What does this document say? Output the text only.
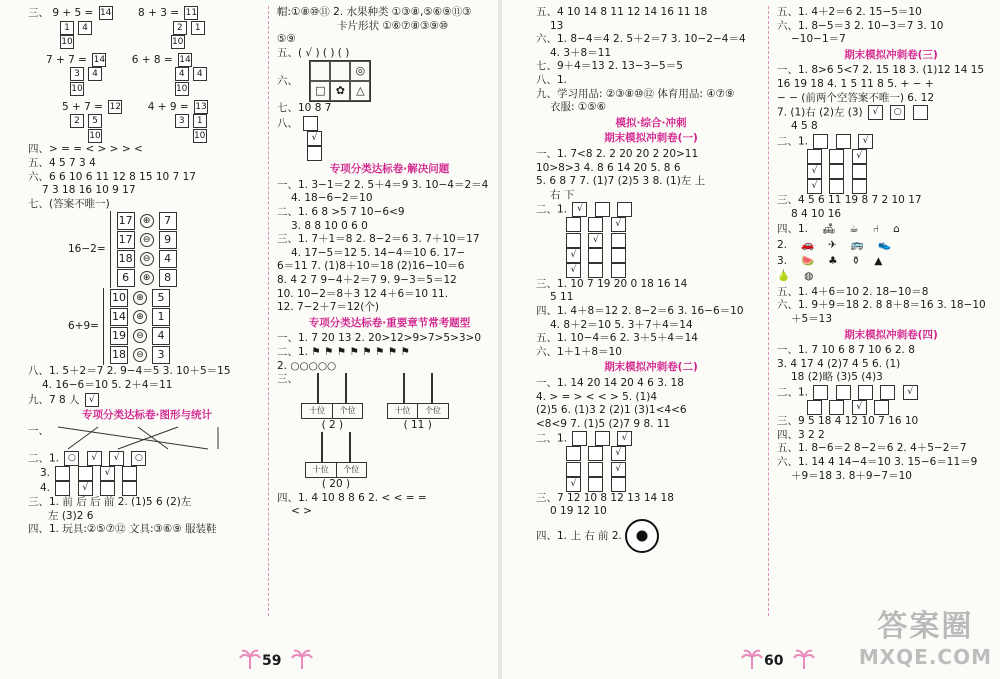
三、 9 + 5 = 14	8 + 3 = 11
1 4	2 1
10	10
7 + 7 = 14	6 + 8 = 14
3 4	4 4
10	10
5 + 7 = 12	4 + 9 = 13
2 5	3 1
10	10
四、> = = < > > > <
五、4 5 7 3 4
六、6 6 10 6 11 12 8 15 10 7 17
7 3 18 16 10 9 17
七、(答案不唯一)
16−2=
17	⊕	7
17	⊖	9
18	⊖	4
6	⊕	8
6+9=
10	⊕	5
14	⊕	1
19	⊖	4
18	⊖	3
八、1. 5＋2＝7 2. 9−4＝5 3. 10＋5＝15
4. 16−6＝10 5. 2＋4＝11
九、7 8 人 √
专项分类达标卷·图形与统计
一、
二、1. ○ √ √ ○
3.	√
4.	√
三、1. 前 后 后 前 2. (1)5 6 (2)左
左 (3)2 6
四、1. 玩具:②⑤⑦⑫ 文具:③⑥⑨ 服装鞋
帽:①⑧⑩⑪ 2. 水果种类 ①③⑧,⑤⑥⑨⑪③
卡片形状 ①⑥⑦⑧③⑨⑩
⑤⑨
五、( √ ) ( ) ( )
六、
◎
□ ✿	△
七、10 8 7
八、
√
专项分类达标卷·解决问题
一、1. 3−1＝2 2. 5＋4＝9 3. 10−4＝2＝4
4. 18−6−2＝10
二、1. 6 8 >5 7 10−6<9
3. 8 8 10 0 6 0
三、1. 7＋1＝8 2. 8−2＝6 3. 7＋10＝17
4. 17−5＝12 5. 14−4＝10 6. 17−
6＝11 7. (1)8＋10＝18 (2)16−10＝6
8. 4 2 7 9−4＋2＝7 9. 9−3＝5＝12
10. 10−2＝8＋3 12 4＋6＝10 11.
12. 7−2＋7＝12(个)
专项分类达标卷·重要章节常考题型
一、1. 7 20 13 2. 20>12>9>7>5>3>0
二、1. ⚑ ⚑ ⚑ ⚑ ⚑ ⚑ ⚑ ⚑
2. ○○○○○
三、
十位	个位
( 2 )

十位	个位
( 11 )
十位	个位
( 20 )
四、1. 4 10 8 8 6 2. < < = =
< >
59
五、4 10 14 8 11 12 14 16 11 18
13
六、1. 8−4＝4 2. 5＋2＝7 3. 10−2−4＝4
4. 3＋8＝11
七、9＋4＝13 2. 13−3−5＝5
八、1.
九、学习用品: ②③⑧⑩⑫ 体育用品: ④⑦⑨
衣服: ①⑤⑥
模拟·综合·冲刺
期末模拟冲刺卷(一)
一、1. 7<8 2. 2 20 20 2 20>11
10>8>3 4. 8 6 14 20 5. 8 6
5. 6 8 7 7. (1)7 (2)5 3 8. (1)左 上
右 下
二、1. √
√
√
√
√
三、1. 10 7 19 20 0 18 16 14
5 11
四、1. 4＋8＝12 2. 8−2＝6 3. 16−6＝10
4. 8＋2＝10 5. 3＋7＋4＝14
五、1. 10−4＝6 2. 3＋5＋4＝14
六、1＋1＋8＝10
期末模拟冲刺卷(二)
一、1. 14 20 14 20 4 6 3. 18
4. > = > < < > 5. (1)4
(2)5 6. (1)3 2 (2)1 (3)1<4<6
<8<9 7. (1)5 (2)7 9 8. 11
二、1.	√
√
√
√
三、7 12 10 8 12 13 14 18
0 19 12 10
四、1. 上 右 前 2.
五、1. 4＋2＝6 2. 15−5＝10
六、1. 8−5＝3 2. 10−3＝7 3. 10
−10−1＝7
期末模拟冲刺卷(三)
一、1. 8>6 5<7 2. 15 18 3. (1)12 14 15
16 19 18 4. 1 5 11 8 5. + − +
− − (前两个空答案不唯一) 6. 12
7. (1)右 (2)左 (3) √ ○
4 5 8
二、1.	√
√
√
√
三、4 5 6 11 19 8 7 2 10 17
8 4 10 16
四、1. 🛋 ☕ ⑁ ⌂
2. 🚗 ✈ 🚌 👟
3. 🍉 ♣ ⚱ ▲
🍐 ◍
五、1. 4＋6＝10 2. 18−10＝8
六、1. 9＋9＝18 2. 8 8＋8＝16 3. 18−10
＋5＝13
期末模拟冲刺卷(四)
一、1. 7 10 6 8 7 10 6 2. 8
3. 4 17 4 (2)7 4 5 6. (1)
18 (2)略 (3)5 (4)3
二、1.	√
√
三、9 5 18 4 12 10 7 16 10
四、3 2 2
五、1. 8−6＝2 8−2＝6 2. 4＋5−2＝7
六、1. 14 4 14−4＝10 3. 15−6＝11＝9
＋9＝18 3. 8＋9−7＝10
60
答案圈
MXQE.COM
